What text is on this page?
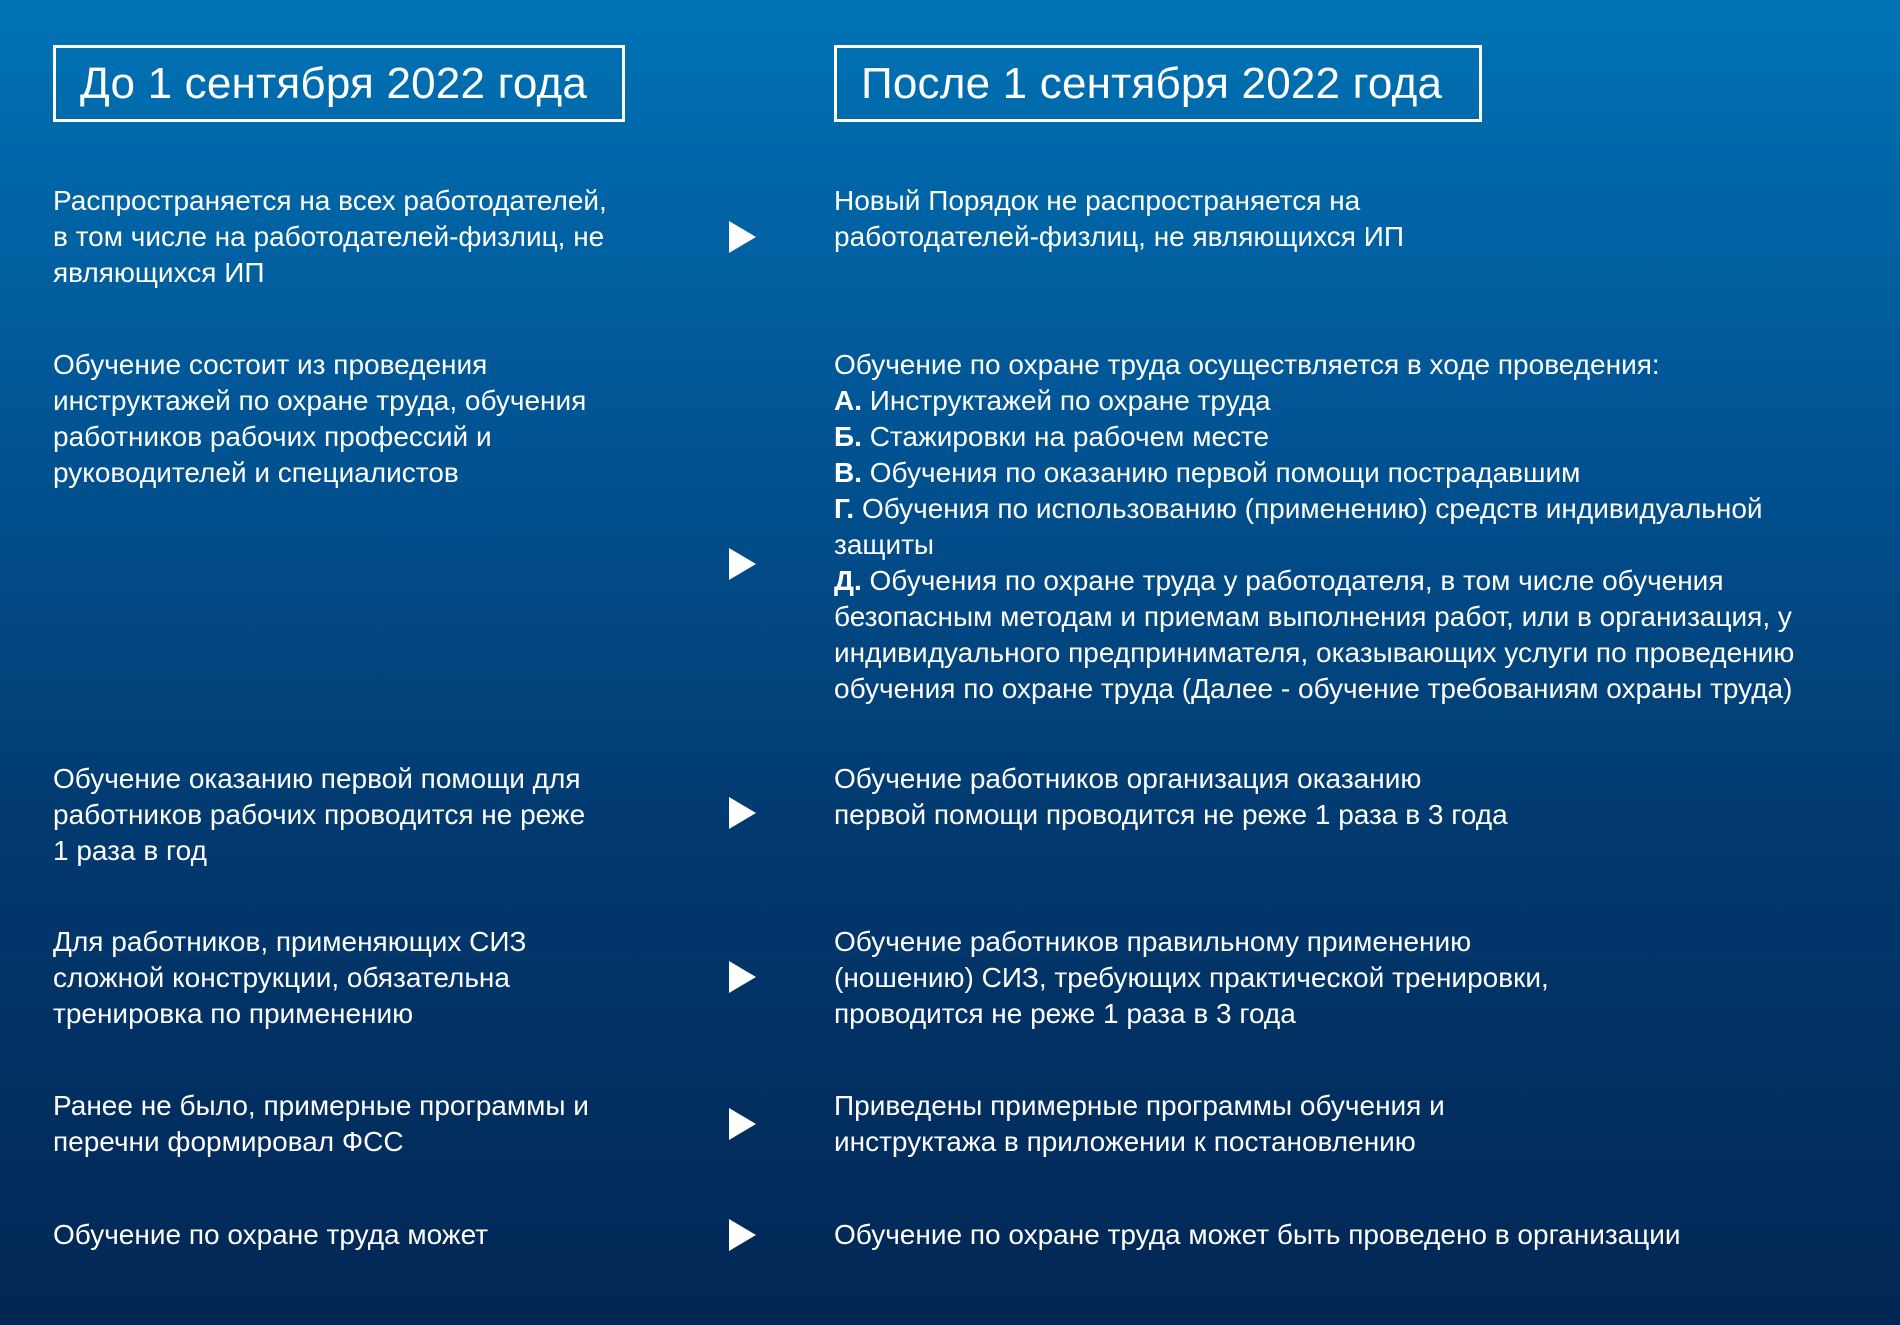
До 1 сентября 2022 года	После 1 сентября 2022 года
Распространяется на всех работодателей,
в том числе на работодателей-физлиц, не
являющихся ИП
Новый Порядок не распространяется на
работодателей-физлиц, не являющихся ИП
Обучение состоит из проведения
инструктажей по охране труда, обучения
работников рабочих профессий и
руководителей и специалистов
Обучение по охране труда осуществляется в ходе проведения:
А. Инструктажей по охране труда
Б. Стажировки на рабочем месте
В. Обучения по оказанию первой помощи пострадавшим
Г. Обучения по использованию (применению) средств индивидуальной защиты
Д. Обучения по охране труда у работодателя, в том числе обучения безопасным методам и приемам выполнения работ, или в организация, у индивидуального предпринимателя, оказывающих услуги по проведению обучения по охране труда (Далее - обучение требованиям охраны труда)
Обучение оказанию первой помощи для
работников рабочих проводится не реже
1 раза в год
Обучение работников организация оказанию
первой помощи проводится не реже 1 раза в 3 года
Для работников, применяющих СИЗ
сложной конструкции, обязательна
тренировка по применению
Обучение работников правильному применению
(ношению) СИЗ, требующих практической тренировки,
проводится не реже 1 раза в 3 года
Ранее не было, примерные программы и
перечни формировал ФСС
Приведены примерные программы обучения и
инструктажа в приложении к постановлению
Обучение по охране труда может	Обучение по охране труда может быть проведено в организации
